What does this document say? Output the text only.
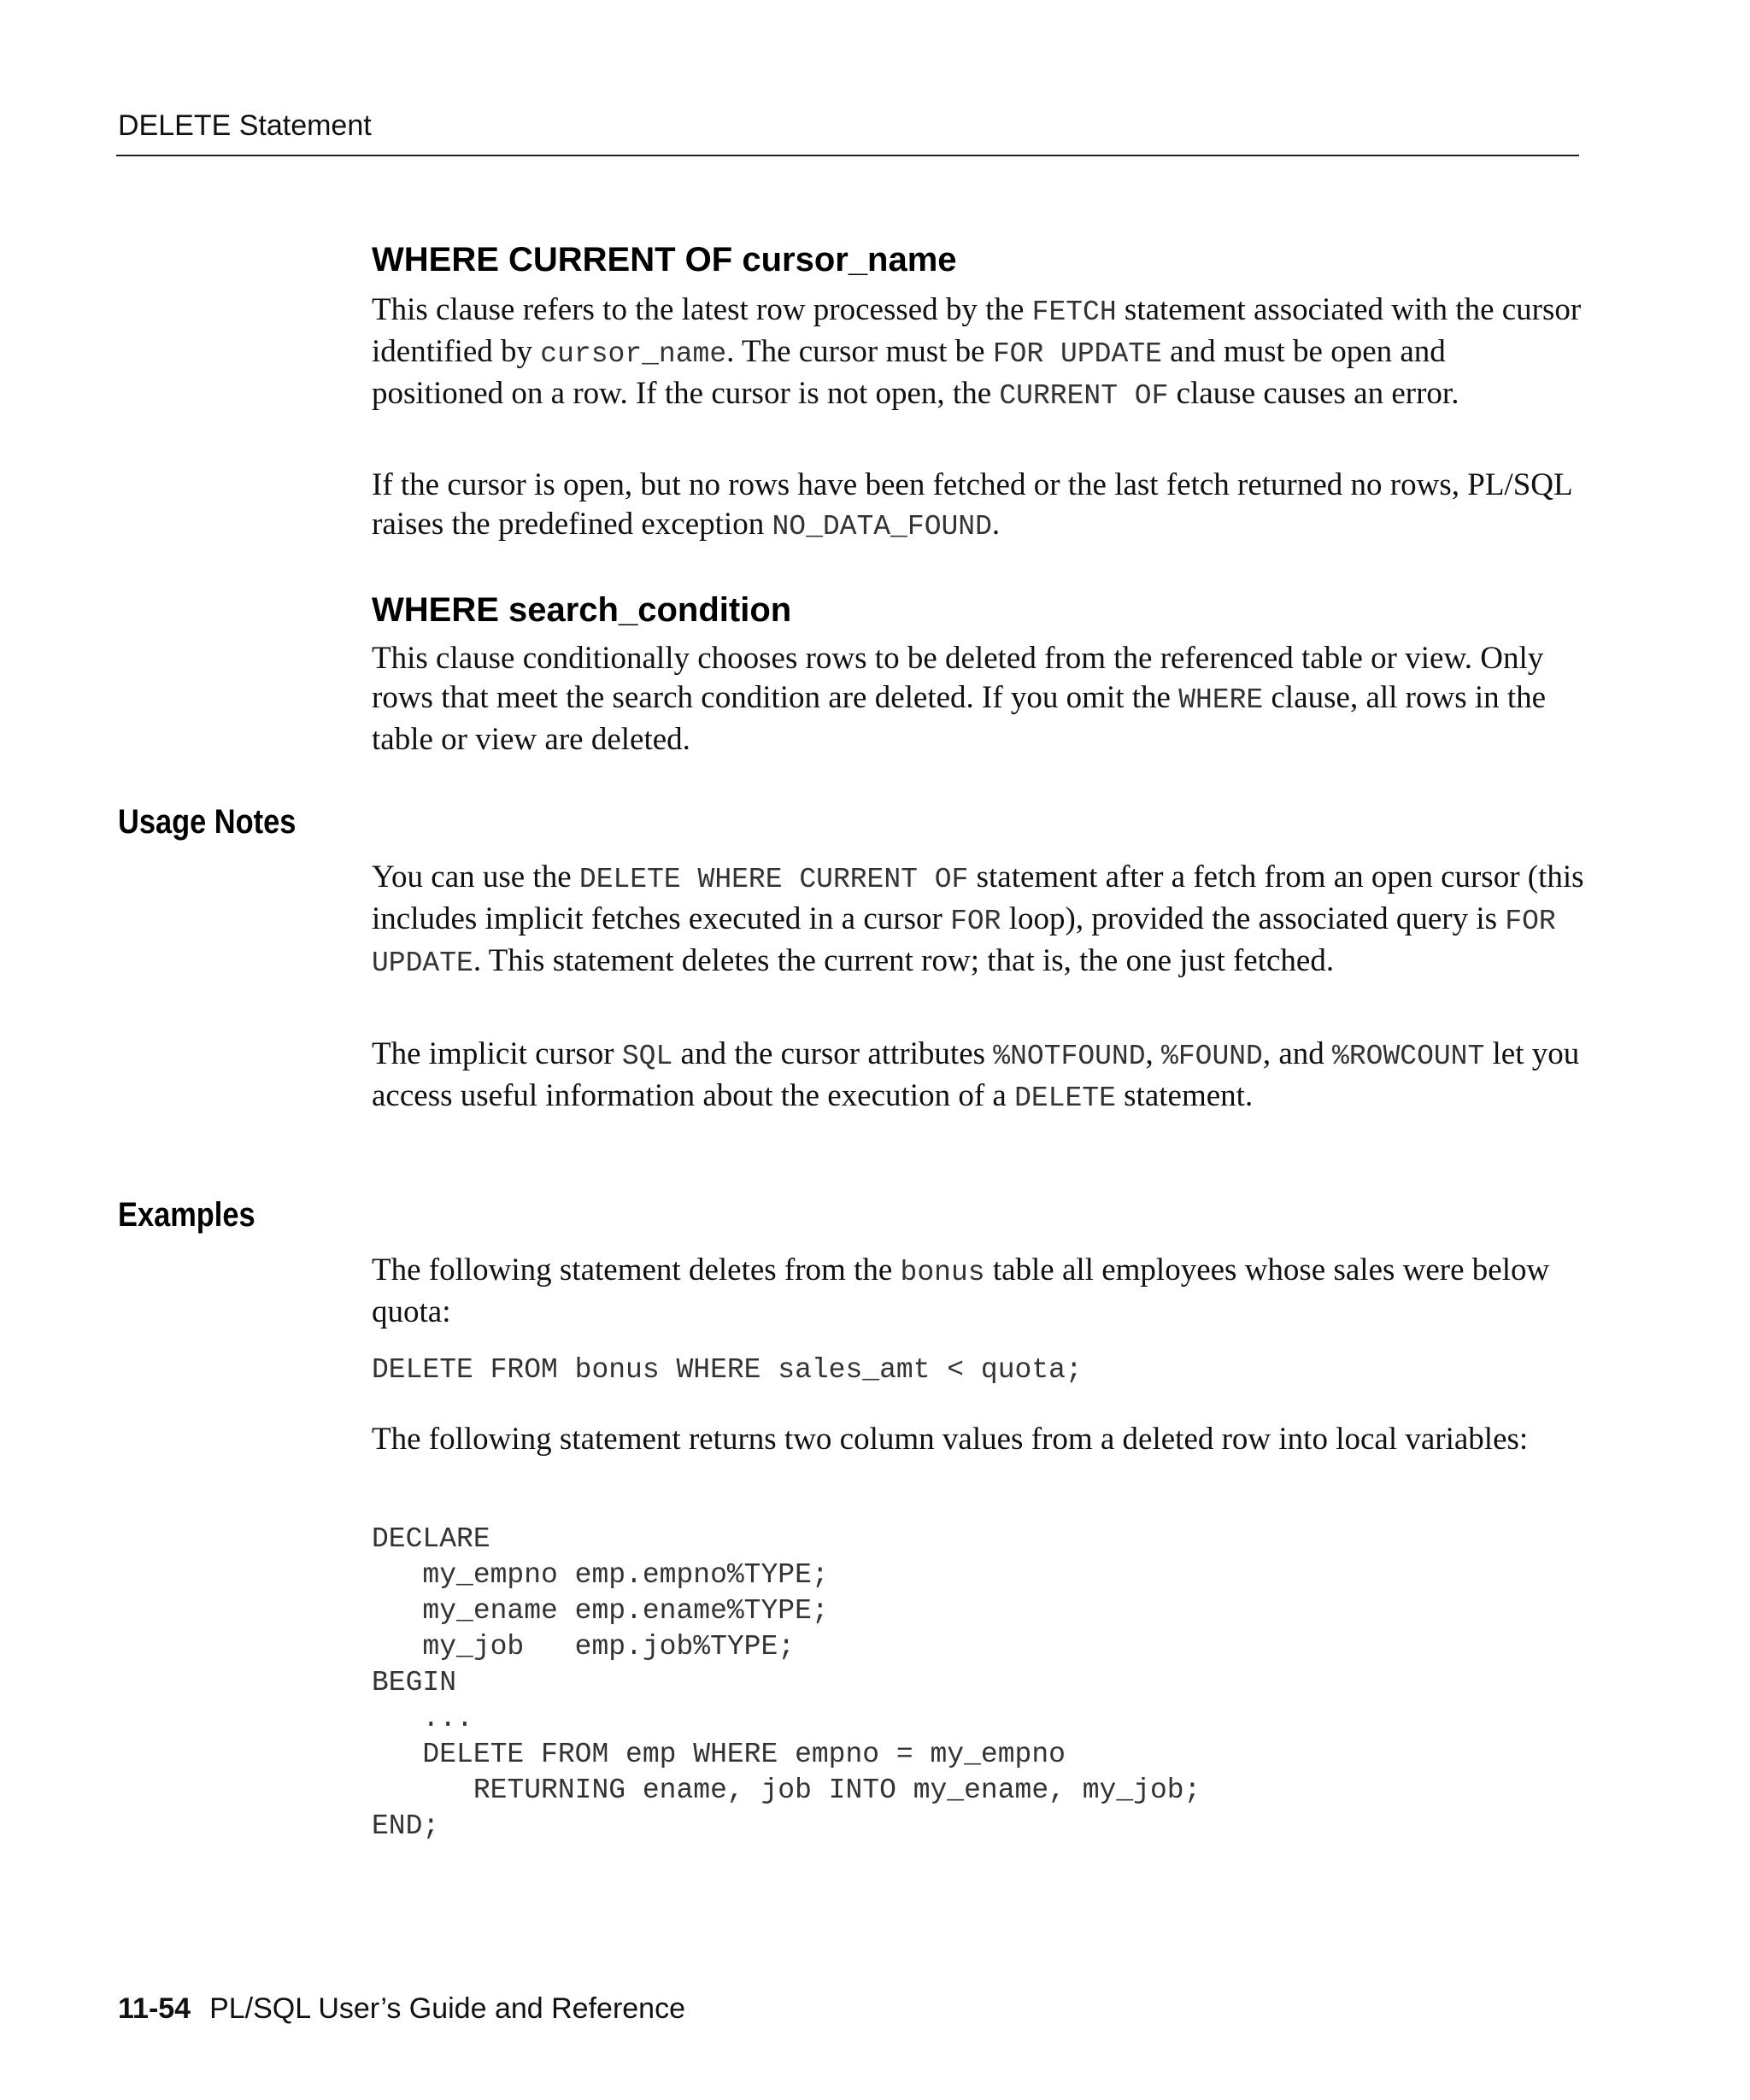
DELETE Statement
WHERE CURRENT OF cursor_name

This clause refers to the latest row processed by the FETCH statement associated with the cursor identified by cursor_name. The cursor must be FOR UPDATE and must be open and positioned on a row. If the cursor is not open, the CURRENT OF clause causes an error.

If the cursor is open, but no rows have been fetched or the last fetch returned no rows, PL/SQL raises the predefined exception NO_DATA_FOUND.

WHERE search_condition

This clause conditionally chooses rows to be deleted from the referenced table or view. Only rows that meet the search condition are deleted. If you omit the WHERE clause, all rows in the table or view are deleted.

Usage Notes

You can use the DELETE WHERE CURRENT OF statement after a fetch from an open cursor (this includes implicit fetches executed in a cursor FOR loop), provided the associated query is FOR UPDATE. This statement deletes the current row; that is, the one just fetched.

The implicit cursor SQL and the cursor attributes %NOTFOUND, %FOUND, and %ROWCOUNT let you access useful information about the execution of a DELETE statement.

Examples

The following statement deletes from the bonus table all employees whose sales were below quota:

DELETE FROM bonus WHERE sales_amt < quota;

The following statement returns two column values from a deleted row into local variables:

DECLARE
my_empno emp.empno%TYPE;
my_ename emp.ename%TYPE;
my_job   emp.job%TYPE;
BEGIN
...
DELETE FROM emp WHERE empno = my_empno
RETURNING ename, job INTO my_ename, my_job;
END;
11-54 PL/SQL User’s Guide and Reference
